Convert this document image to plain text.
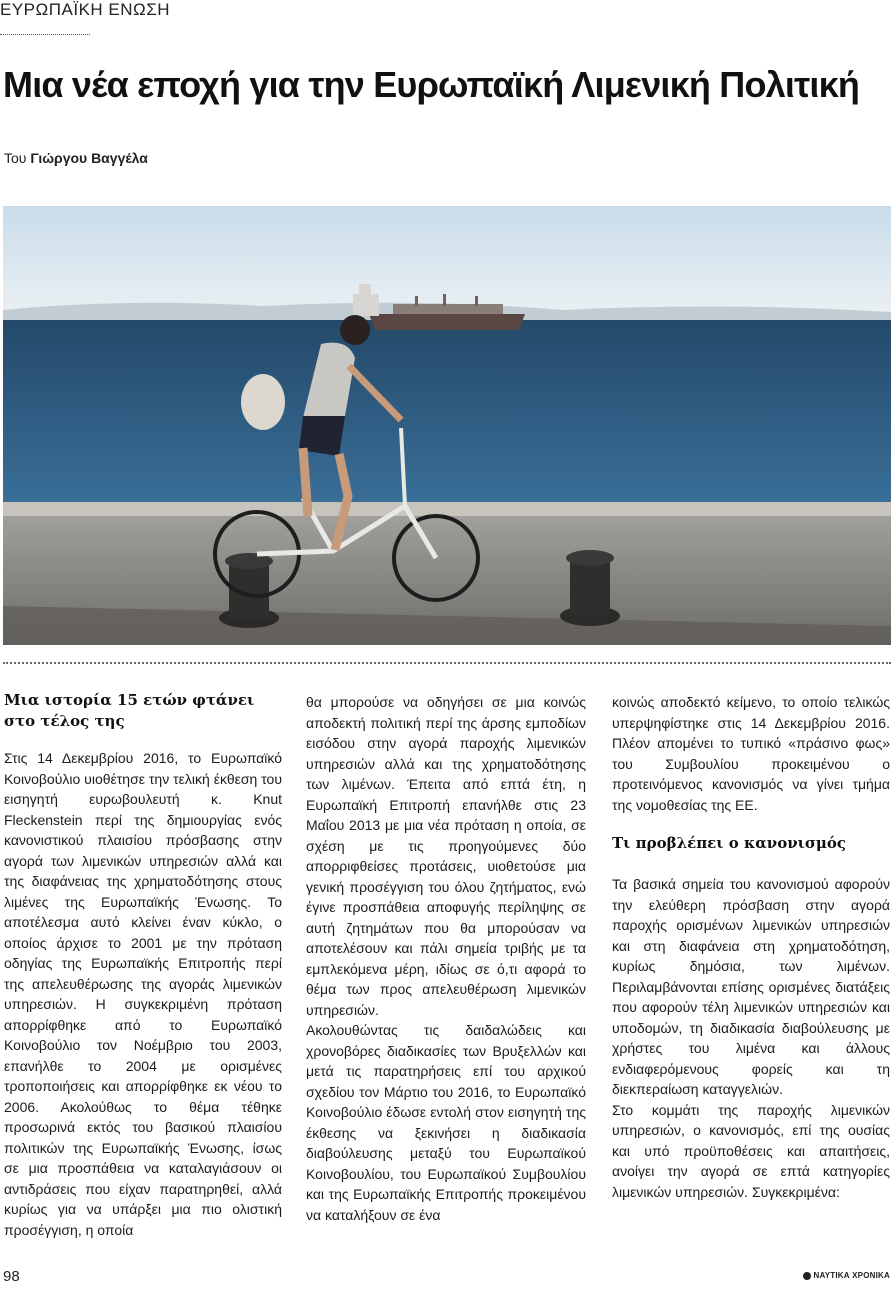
ΕΥΡΩΠΑΪΚΗ ΕΝΩΣΗ
Μια νέα εποχή για την Ευρωπαϊκή Λιμενική Πολιτική
Του Γιώργου Βαγγέλα
Μια ιστορία 15 ετών φτάνει στο τέλος της

Στις 14 Δεκεμβρίου 2016, το Ευρωπαϊκό Κοινοβούλιο υιοθέτησε την τελική έκθεση του εισηγητή ευρωβουλευτή κ. Knut Fleckenstein περί της δημιουργίας ενός κανονιστικού πλαισίου πρόσβασης στην αγορά των λιμενικών υπηρεσιών αλλά και της διαφάνειας της χρηματοδότησης στους λιμένες της Ευρωπαϊκής Ένωσης. Το αποτέλεσμα αυτό κλείνει έναν κύκλο, ο οποίος άρχισε το 2001 με την πρόταση οδηγίας της Ευρωπαϊκής Επιτροπής περί της απελευθέρωσης της αγοράς λιμενικών υπηρεσιών. Η συγκεκριμένη πρόταση απορρίφθηκε από το Ευρωπαϊκό Κοινοβούλιο τον Νοέμβριο του 2003, επανήλθε το 2004 με ορισμένες τροποποιήσεις και απορρίφθηκε εκ νέου το 2006. Ακολούθως το θέμα τέθηκε προσωρινά εκτός του βασικού πλαισίου πολιτικών της Ευρωπαϊκής Ένωσης, ίσως σε μια προσπάθεια να καταλαγιάσουν οι αντιδράσεις που είχαν παρατηρηθεί, αλλά κυρίως για να υπάρξει μια πιο ολιστική προσέγγιση, η οποία

θα μπορούσε να οδηγήσει σε μια κοινώς αποδεκτή πολιτική περί της άρσης εμποδίων εισόδου στην αγορά παροχής λιμενικών υπηρεσιών αλλά και της χρηματοδότησης των λιμένων. Έπειτα από επτά έτη, η Ευρωπαϊκή Επιτροπή επανήλθε στις 23 Μαΐου 2013 με μια νέα πρόταση η οποία, σε σχέση με τις προηγούμενες δύο απορριφθείσες προτάσεις, υιοθετούσε μια γενική προσέγγιση του όλου ζητήματος, ενώ έγινε προσπάθεια αποφυγής περίληψης σε αυτή ζητημάτων που θα μπορούσαν να αποτελέσουν και πάλι σημεία τριβής με τα εμπλεκόμενα μέρη, ιδίως σε ό,τι αφορά το θέμα των προς απελευθέρωση λιμενικών υπηρεσιών.

Ακολουθώντας τις δαιδαλώδεις και χρονοβόρες διαδικασίες των Βρυξελλών και μετά τις παρατηρήσεις επί του αρχικού σχεδίου τον Μάρτιο του 2016, το Ευρωπαϊκό Κοινοβούλιο έδωσε εντολή στον εισηγητή της έκθεσης να ξεκινήσει η διαδικασία διαβούλευσης μεταξύ του Ευρωπαϊκού Κοινοβουλίου, του Ευρωπαϊκού Συμβουλίου και της Ευρωπαϊκής Επιτροπής προκειμένου να καταλήξουν σε ένα

κοινώς αποδεκτό κείμενο, το οποίο τελικώς υπερψηφίστηκε στις 14 Δεκεμβρίου 2016. Πλέον απομένει το τυπικό «πράσινο φως» του Συμβουλίου προκειμένου ο προτεινόμενος κανονισμός να γίνει τμήμα της νομοθεσίας της ΕΕ.

Τι προβλέπει ο κανονισμός

Τα βασικά σημεία του κανονισμού αφορούν την ελεύθερη πρόσβαση στην αγορά παροχής ορισμένων λιμενικών υπηρεσιών και στη διαφάνεια στη χρηματοδότηση, κυρίως δημόσια, των λιμένων. Περιλαμβάνονται επίσης ορισμένες διατάξεις που αφορούν τέλη λιμενικών υπηρεσιών και υποδομών, τη διαδικασία διαβούλευσης με χρήστες του λιμένα και άλλους ενδιαφερόμενους φορείς και τη διεκπεραίωση καταγγελιών.

Στο κομμάτι της παροχής λιμενικών υπηρεσιών, ο κανονισμός, επί της ουσίας και υπό προϋποθέσεις και απαιτήσεις, ανοίγει την αγορά σε επτά κατηγορίες λιμενικών υπηρεσιών. Συγκεκριμένα:

98	ΝΑΥΤΙΚΑ ΧΡΟΝΙΚΑ
